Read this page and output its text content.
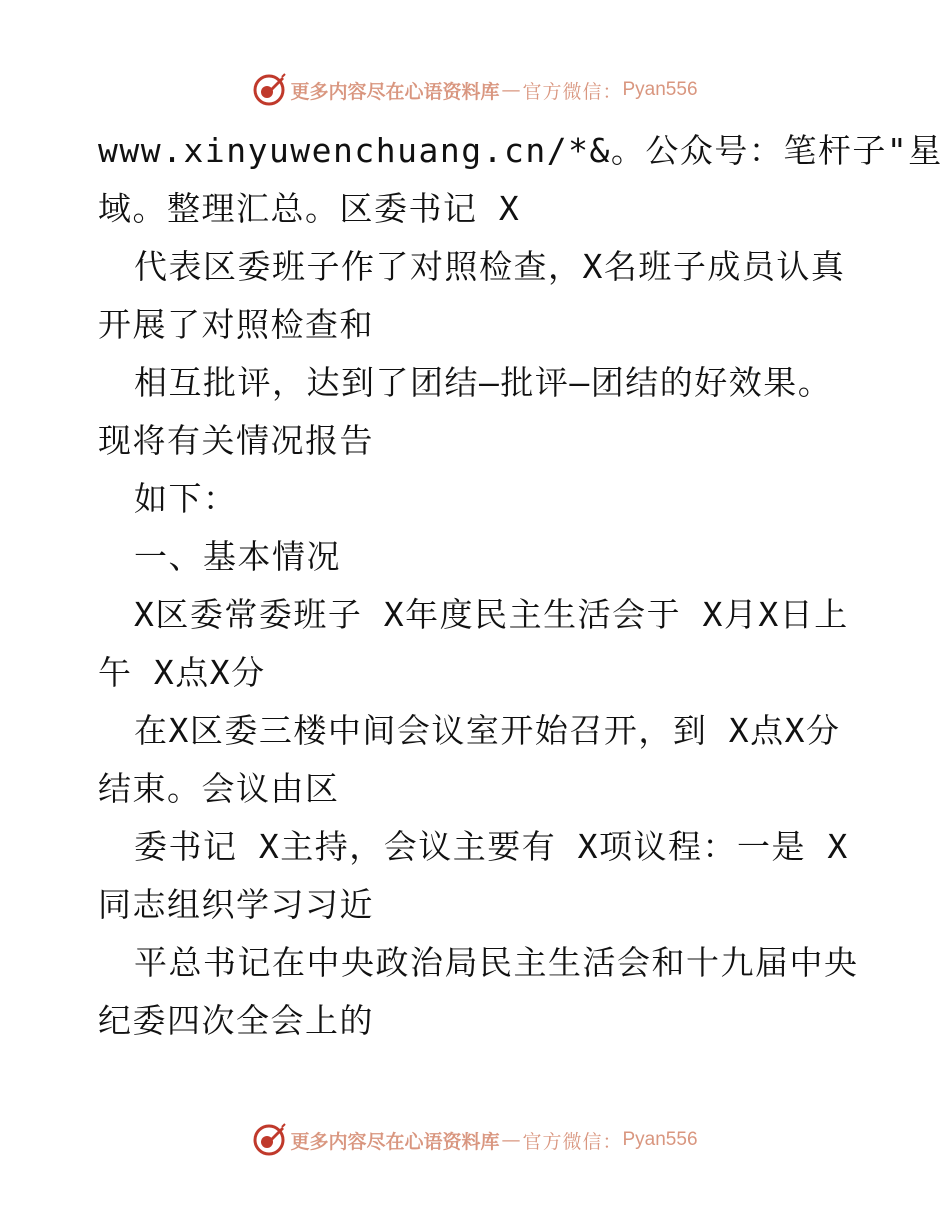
更多内容尽在心语资料库 — 官方微信： Pyan556
www.xinyuwenchuang.cn/*&。公众号：笔杆子"星
域。整理汇总。区委书记 X
代表区委班子作了对照检查，X名班子成员认真
开展了对照检查和
相互批评，达到了团结—批评—团结的好效果。
现将有关情况报告
如下：
一、基本情况
X区委常委班子 X年度民主生活会于 X月X日上
午 X点X分
在X区委三楼中间会议室开始召开，到 X点X分
结束。会议由区
委书记 X主持，会议主要有 X项议程：一是 X
同志组织学习习近
平总书记在中央政治局民主生活会和十九届中央
纪委四次全会上的
更多内容尽在心语资料库 — 官方微信： Pyan556
